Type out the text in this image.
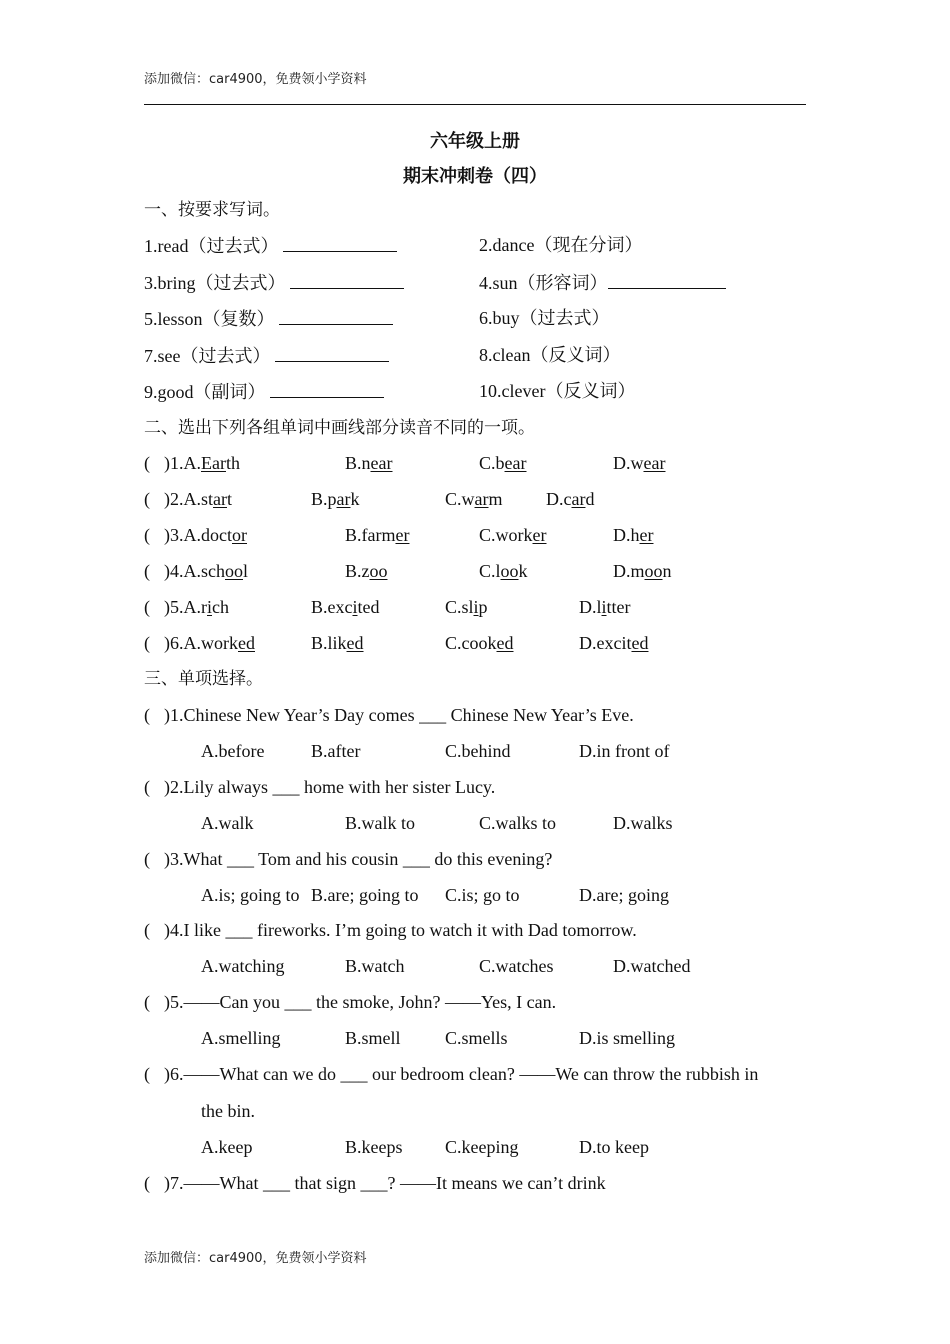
添加微信：car4900，免费领小学资料
六年级上册
期末冲刺卷（四）
一、按要求写词。
1.read（过去式）	2.dance（现在分词）
3.bring（过去式）	4.sun（形容词）
5.lesson（复数）	6.buy（过去式）
7.see（过去式）	8.clean（反义词）
9.good（副词）	10.clever（反义词）
二、选出下列各组单词中画线部分读音不同的一项。
( )1.A.Earth	B.near	C.bear	D.wear
( )2.A.start	B.park	C.warm D.card
( )3.A.doctor	B.farmer	C.worker	D.her
( )4.A.school	B.zoo	C.look	D.moon
( )5.A.rich	B.excited	C.slip	D.litter
( )6.A.worked	B.liked	C.cooked	D.excited
三、单项选择。
( )1.Chinese New Year’s Day comes ___ Chinese New Year’s Eve.
A.before	B.after	C.behind	D.in front of
( )2.Lily always ___ home with her sister Lucy.
A.walk	B.walk to	C.walks to	D.walks
( )3.What ___ Tom and his cousin ___ do this evening?
A.is; going to B.are; going to C.is; go to	D.are; going
( )4.I like ___ fireworks. I’m going to watch it with Dad tomorrow.
A.watching	B.watch	C.watches	D.watched
( )5.——Can you ___ the smoke, John? ——Yes, I can.
A.smelling	B.smell C.smells	D.is smelling
( )6.——What can we do ___ our bedroom clean? ——We can throw the rubbish in
the bin.
A.keep	B.keeps C.keeping	D.to keep
( )7.——What ___ that sign ___? ——It means we can’t drink
添加微信：car4900，免费领小学资料
